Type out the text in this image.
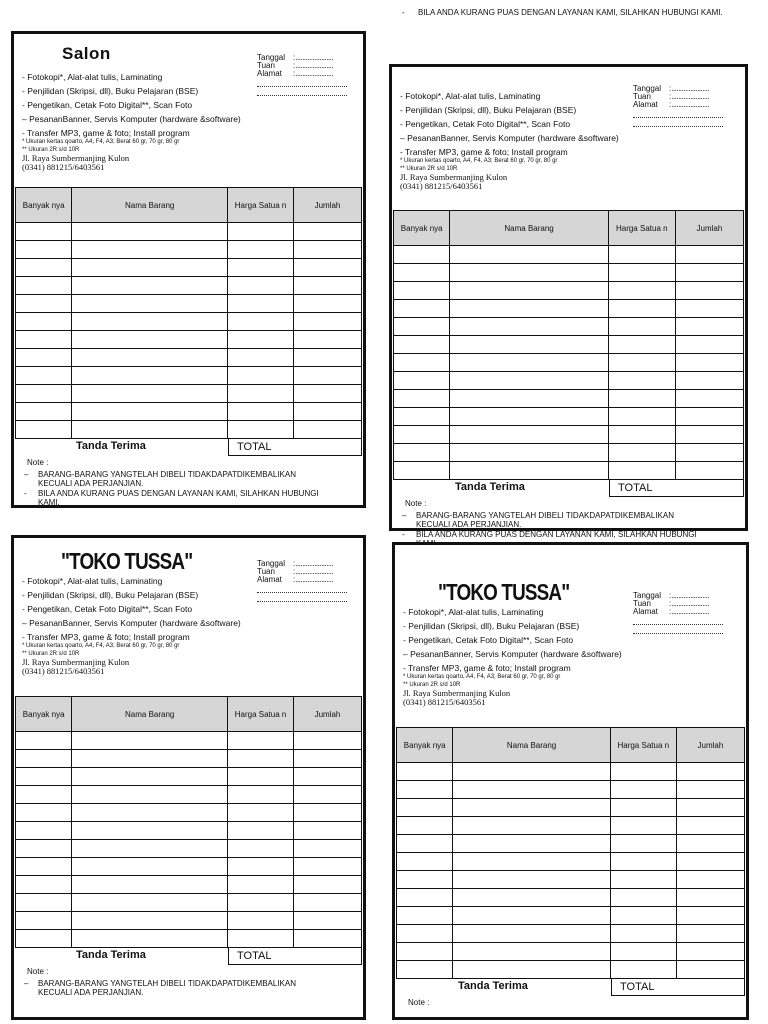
-	BILA ANDA KURANG PUAS DENGAN LAYANAN KAMI, SILAHKAN HUBUNGI KAMI.
Salon	Tanggal : ......................
Tuan	: ......................
Alamat	: ......................
- Fotokopi*, Alat-alat tulis, Laminating
- Penjilidan (Skripsi, dll), Buku Pelajaran (BSE)
- Pengetikan, Cetak Foto Digital**, Scan Foto
– PesananBanner, Servis Komputer (hardware &software)
- Transfer MP3, game & foto; Install program
* Ukuran kertas qoarto, A4, F4, A3; Berat 60 gr, 70 gr, 80 gr
** Ukuran 2R s/d 10R
Jl. Raya Sumbermanjing Kulon
(0341) 881215/6403561
Banyak nya	Nama Barang	Harga Satua n	Jumlah

Tanda Terima	TOTAL
Note :
– BARANG-BARANG YANGTELAH DIBELI TIDAKDAPATDIKEMBALIKAN KECUALI ADA PERJANJIAN.
- BILA ANDA KURANG PUAS DENGAN LAYANAN KAMI, SILAHKAN HUBUNGI KAMI.
Tanggal : ......................
Tuan	: ......................
Alamat	: ......................
- Fotokopi*, Alat-alat tulis, Laminating
- Penjilidan (Skripsi, dll), Buku Pelajaran (BSE)
- Pengetikan, Cetak Foto Digital**, Scan Foto
– PesananBanner, Servis Komputer (hardware &software)
- Transfer MP3, game & foto; Install program
* Ukuran kertas qoarto, A4, F4, A3; Berat 60 gr, 70 gr, 80 gr
** Ukuran 2R s/d 10R
Jl. Raya Sumbermanjing Kulon
(0341) 881215/6403561
Banyak nya	Nama Barang	Harga Satua n	Jumlah

Tanda Terima	TOTAL
Note :
– BARANG-BARANG YANGTELAH DIBELI TIDAKDAPATDIKEMBALIKAN KECUALI ADA PERJANJIAN.
- BILA ANDA KURANG PUAS DENGAN LAYANAN KAMI, SILAHKAN HUBUNGI
"TOKO TUSSA"	Tanggal : ......................
Tuan	: ......................
Alamat	: ......................
- Fotokopi*, Alat-alat tulis, Laminating
- Penjilidan (Skripsi, dll), Buku Pelajaran (BSE)
- Pengetikan, Cetak Foto Digital**, Scan Foto
– PesananBanner, Servis Komputer (hardware &software)
- Transfer MP3, game & foto; Install program
* Ukuran kertas qoarto, A4, F4, A3; Berat 60 gr, 70 gr, 80 gr
** Ukuran 2R s/d 10R
Jl. Raya Sumbermanjing Kulon
(0341) 881215/6403561
Banyak nya	Nama Barang	Harga Satua n	Jumlah

Tanda Terima	TOTAL
Note :
– BARANG-BARANG YANGTELAH DIBELI TIDAKDAPATDIKEMBALIKAN KECUALI ADA PERJANJIAN.
"TOKO TUSSA"	Tanggal : ......................
Tuan	: ......................
Alamat	: ......................
- Fotokopi*, Alat-alat tulis, Laminating
- Penjilidan (Skripsi, dll), Buku Pelajaran (BSE)
- Pengetikan, Cetak Foto Digital**, Scan Foto
– PesananBanner, Servis Komputer (hardware &software)
- Transfer MP3, game & foto; Install program
* Ukuran kertas qoarto, A4, F4, A3; Berat 60 gr, 70 gr, 80 gr
** Ukuran 2R s/d 10R
Jl. Raya Sumbermanjing Kulon
(0341) 881215/6403561
Banyak nya	Nama Barang	Harga Satua n	Jumlah

Tanda Terima	TOTAL
Note :
